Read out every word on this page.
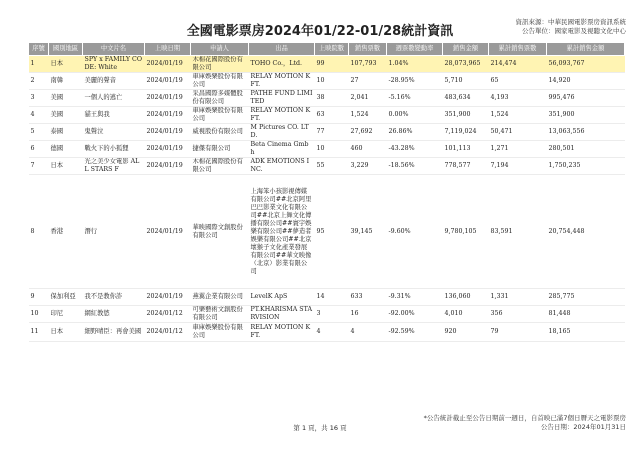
全國電影票房2024年01/22-01/28統計資訊
資訊來源：中華民國電影票房資訊系統
公告單位：國家電影及視聽文化中心
序號	國別地區	中文片名	上映日期	申請人	出品	上映院數	銷售票數	週票數變動率	銷售金額	累計銷售票數	累計銷售金額
1	日本	SPY x FAMILY CODE: White	2024/01/19	木棉花國際股份有限公司	TOHO Co.，Ltd.	99	107,793	1.04%	28,073,965	214,474	56,093,767
2	南韓	美麗的聲音	2024/01/19	車庫娛樂股份有限公司	RELAY MOTION KFT.	10	27	-28.95%	5,710	65	14,920
3	美國	一個人的逃亡	2024/01/19	采昌國際多媒體股份有限公司	PATHE FUND LIMITED	38	2,041	-5.16%	483,634	4,193	995,476
4	美國	貓王與我	2024/01/19	車庫娛樂股份有限公司	RELAY MOTION KFT.	63	1,524	0.00%	351,900	1,524	351,900
5	泰國	鬼聲泣	2024/01/19	威視股份有限公司	M Pictures CO. LTD.	77	27,692	26.86%	7,119,024	50,471	13,063,556
6	德國	戰火下的小狐狸	2024/01/19	捷傑有限公司	Beta Cinema Gmbh	10	460	-43.28%	101,113	1,271	280,501
7	日本	光之美少女電影 ALL STARS F	2024/01/19	木棉花國際股份有限公司	ADK EMOTIONS INC.	55	3,229	-18.56%	778,577	7,194	1,750,235
8	香港	潛行	2024/01/19	華映國際文創股份有限公司	上海笨小孩影視傳媒有限公司##北京阿里巴巴影業文化有限公司##北京上舞文化傳播有限公司##寰宇娛樂有限公司##夢造者娛樂有限公司##北京壞猴子文化產業發展有限公司##華文映像（北京）影業有限公司	95	39,145	-9.60%	9,780,105	83,591	20,754,448
9	保加利亞	我不是教你詐	2024/01/19	燕翼企業有限公司	LevelK ApS	14	633	-9.31%	136,060	1,331	285,775
10	印尼	網紅教慾	2024/01/12	可樂藝術文創股份有限公司	PT.KHARISMA STARVISION	3	16	-92.00%	4,010	356	81,448
11	日本	細野晴臣：再會美國	2024/01/12	車庫娛樂股份有限公司	RELAY MOTION KFT.	4	4	-92.59%	920	79	18,165
*公告統計截止至公告日期前一週日，自首映已滿7個日曆天之電影票房
公告日期：2024年01月31日
第 1 頁，共 16 頁
